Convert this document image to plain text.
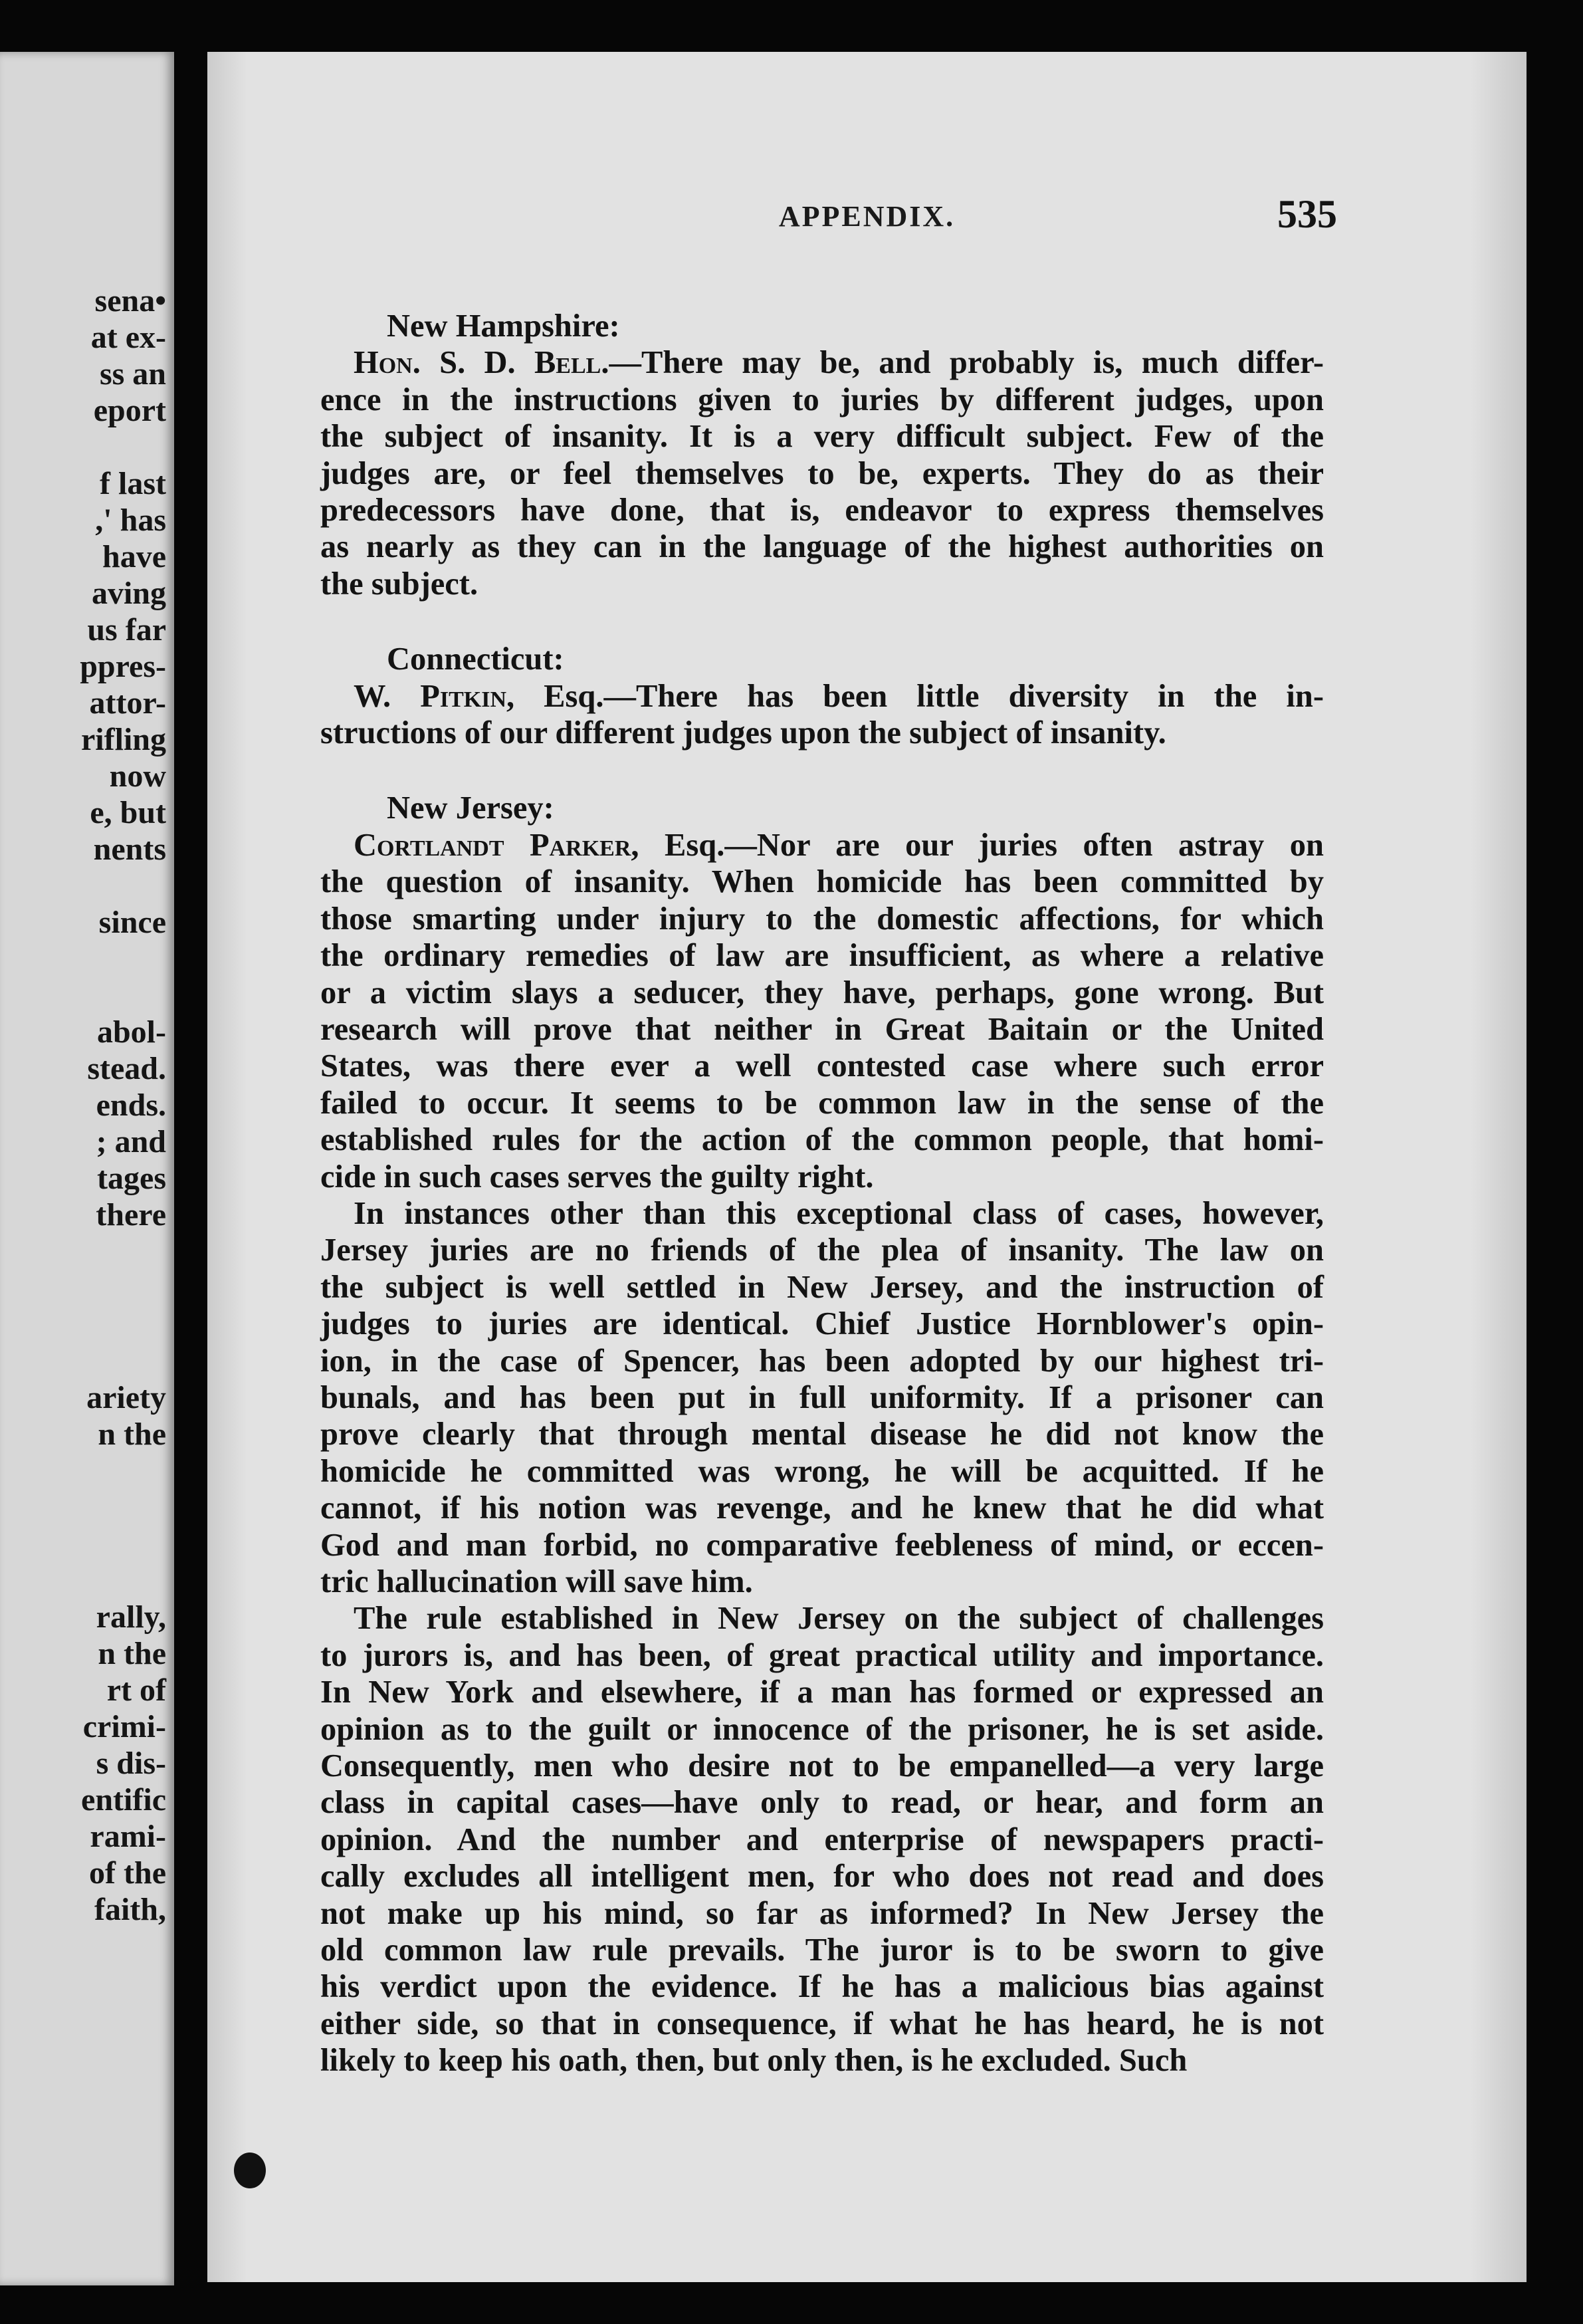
sena•

at ex-

ss an

eport

f last

,' has

have

aving

us far

ppres-

attor-

rifling

now

e, but

nents

since

abol-

stead.

ends.

; and

tages

there

ariety

n the

rally,

n the

rt of

crimi-

s dis-

entific

rami-

of the

faith,

APPENDIX.	535

New Hampshire:

Hon. S. D. Bell.—There may be, and probably is, much differ-

ence in the instructions given to juries by different judges, upon

the subject of insanity. It is a very difficult subject. Few of the

judges are, or feel themselves to be, experts. They do as their

predecessors have done, that is, endeavor to express themselves

as nearly as they can in the language of the highest authorities on

the subject.

Connecticut:

W. Pitkin, Esq.—There has been little diversity in the in-

structions of our different judges upon the subject of insanity.

New Jersey:

Cortlandt Parker, Esq.—Nor are our juries often astray on

the question of insanity. When homicide has been committed by

those smarting under injury to the domestic affections, for which

the ordinary remedies of law are insufficient, as where a relative

or a victim slays a seducer, they have, perhaps, gone wrong. But

research will prove that neither in Great Baitain or the United

States, was there ever a well contested case where such error

failed to occur. It seems to be common law in the sense of the

established rules for the action of the common people, that homi-

cide in such cases serves the guilty right.

In instances other than this exceptional class of cases, however,

Jersey juries are no friends of the plea of insanity. The law on

the subject is well settled in New Jersey, and the instruction of

judges to juries are identical. Chief Justice Hornblower's opin-

ion, in the case of Spencer, has been adopted by our highest tri-

bunals, and has been put in full uniformity. If a prisoner can

prove clearly that through mental disease he did not know the

homicide he committed was wrong, he will be acquitted. If he

cannot, if his notion was revenge, and he knew that he did what

God and man forbid, no comparative feebleness of mind, or eccen-

tric hallucination will save him.

The rule established in New Jersey on the subject of challenges

to jurors is, and has been, of great practical utility and importance.

In New York and elsewhere, if a man has formed or expressed an

opinion as to the guilt or innocence of the prisoner, he is set aside.

Consequently, men who desire not to be empanelled—a very large

class in capital cases—have only to read, or hear, and form an

opinion. And the number and enterprise of newspapers practi-

cally excludes all intelligent men, for who does not read and does

not make up his mind, so far as informed? In New Jersey the

old common law rule prevails. The juror is to be sworn to give

his verdict upon the evidence. If he has a malicious bias against

either side, so that in consequence, if what he has heard, he is not

likely to keep his oath, then, but only then, is he excluded. Such
